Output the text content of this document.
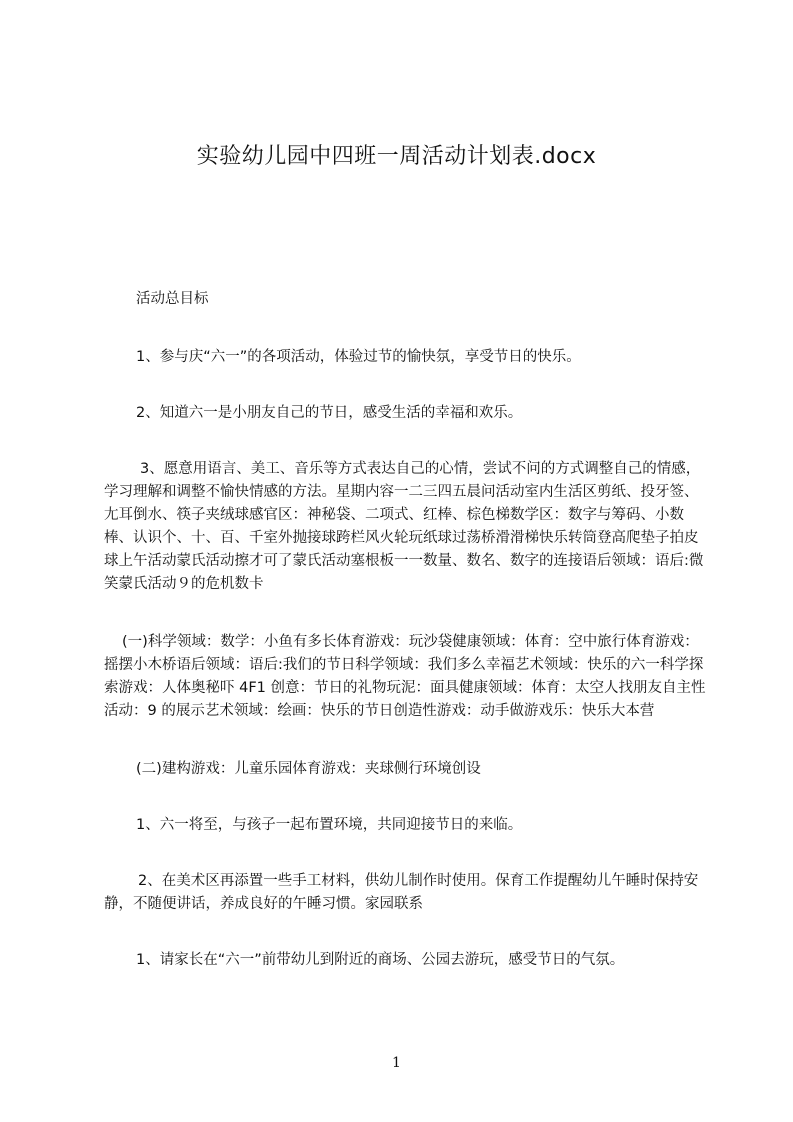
实验幼儿园中四班一周活动计划表.docx

活动总目标

1、参与庆“六一”的各项活动，体验过节的愉快氛，享受节日的快乐。

2、知道六一是小朋友自己的节日，感受生活的幸福和欢乐。

3、愿意用语言、美工、音乐等方式表达自己的心情，尝试不问的方式调整自己的情感，学习理解和调整不愉快情感的方法。星期内容一二三四五晨问活动室内生活区剪纸、投牙签、尢耳倒水、筷子夹绒球感官区：神秘袋、二项式、红棒、棕色梯数学区：数字与筹码、小数棒、认识个、十、百、千室外抛接球跨栏风火轮玩纸球过荡桥滑滑梯快乐转筒登高爬垫子拍皮球上午活动蒙氏活动擦才可了蒙氏活动塞根板一一数量、数名、数字的连接语后领域：语后:微笑蒙氏活动９的危机数卡

(一)科学领域：数学：小鱼有多长体育游戏：玩沙袋健康领域：体育：空中旅行体育游戏：摇摆小木桥语后领域：语后:我们的节日科学领域：我们多么幸福艺术领域：快乐的六一科学探索游戏：人体奥秘吓 4F1 创意：节日的礼物玩泥：面具健康领域：体育：太空人找朋友自主性活动：9 的展示艺术领域：绘画：快乐的节日创造性游戏：动手做游戏乐：快乐大本营

(二)建构游戏：儿童乐园体育游戏：夹球侧行环境创设

1、六一将至，与孩子一起布置环境，共同迎接节日的来临。

2、在美术区再添置一些手工材料，供幼儿制作时使用。保育工作提醒幼儿午睡时保持安静，不随便讲话，养成良好的午睡习惯。家园联系

1、请家长在“六一”前带幼儿到附近的商场、公园去游玩，感受节日的气氛。

1
